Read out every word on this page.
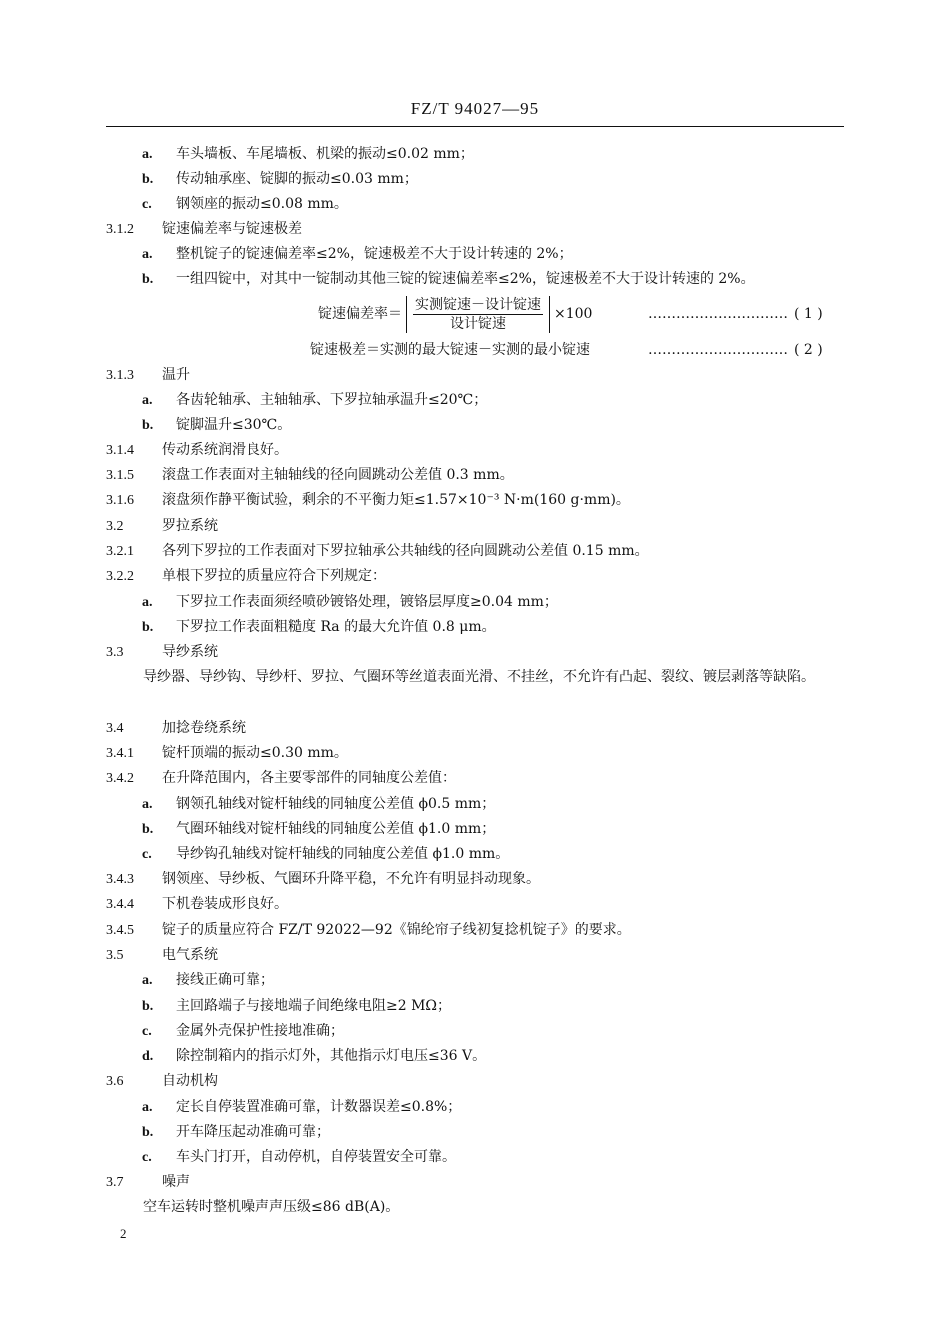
FZ/T 94027—95
a. 车头墙板、车尾墙板、机梁的振动≤0.02 mm；
b. 传动轴承座、锭脚的振动≤0.03 mm；
c. 钢领座的振动≤0.08 mm。
3.1.2 锭速偏差率与锭速极差
a. 整机锭子的锭速偏差率≤2%，锭速极差不大于设计转速的 2%；
b. 一组四锭中，对其中一锭制动其他三锭的锭速偏差率≤2%，锭速极差不大于设计转速的 2%。
锭速偏差率＝ $\frac{\text{实测锭速－设计锭速}}{\text{设计锭速}} \times 100$	………………………… ( 1 )
锭速极差＝实测的最大锭速－实测的最小锭速	………………………… ( 2 )
3.1.3 温升
a. 各齿轮轴承、主轴轴承、下罗拉轴承温升≤20℃；
b. 锭脚温升≤30℃。
3.1.4 传动系统润滑良好。
3.1.5 滚盘工作表面对主轴轴线的径向圆跳动公差值 0.3 mm。
3.1.6 滚盘须作静平衡试验，剩余的不平衡力矩≤1.57×10⁻³ N·m(160 g·mm)。
3.2	罗拉系统
3.2.1 各列下罗拉的工作表面对下罗拉轴承公共轴线的径向圆跳动公差值 0.15 mm。
3.2.2 单根下罗拉的质量应符合下列规定：
a. 下罗拉工作表面须经喷砂镀铬处理，镀铬层厚度≥0.04 mm；
b. 下罗拉工作表面粗糙度 Ra 的最大允许值 0.8 μm。
3.3	导纱系统
导纱器、导纱钩、导纱杆、罗拉、气圈环等丝道表面光滑、不挂丝，不允许有凸起、裂纹、镀层剥落等缺陷。
3.4	加捻卷绕系统
3.4.1 锭杆顶端的振动≤0.30 mm。
3.4.2 在升降范围内，各主要零部件的同轴度公差值：
a. 钢领孔轴线对锭杆轴线的同轴度公差值 ϕ0.5 mm；
b. 气圈环轴线对锭杆轴线的同轴度公差值 ϕ1.0 mm；
c. 导纱钩孔轴线对锭杆轴线的同轴度公差值 ϕ1.0 mm。
3.4.3 钢领座、导纱板、气圈环升降平稳，不允许有明显抖动现象。
3.4.4 下机卷装成形良好。
3.4.5 锭子的质量应符合 FZ/T 92022—92《锦纶帘子线初复捻机锭子》的要求。
3.5	电气系统
a. 接线正确可靠；
b. 主回路端子与接地端子间绝缘电阻≥2 MΩ；
c. 金属外壳保护性接地准确；
d. 除控制箱内的指示灯外，其他指示灯电压≤36 V。
3.6	自动机构
a. 定长自停装置准确可靠，计数器误差≤0.8%；
b. 开车降压起动准确可靠；
c. 车头门打开，自动停机，自停装置安全可靠。
3.7	噪声
空车运转时整机噪声声压级≤86 dB(A)。
2
